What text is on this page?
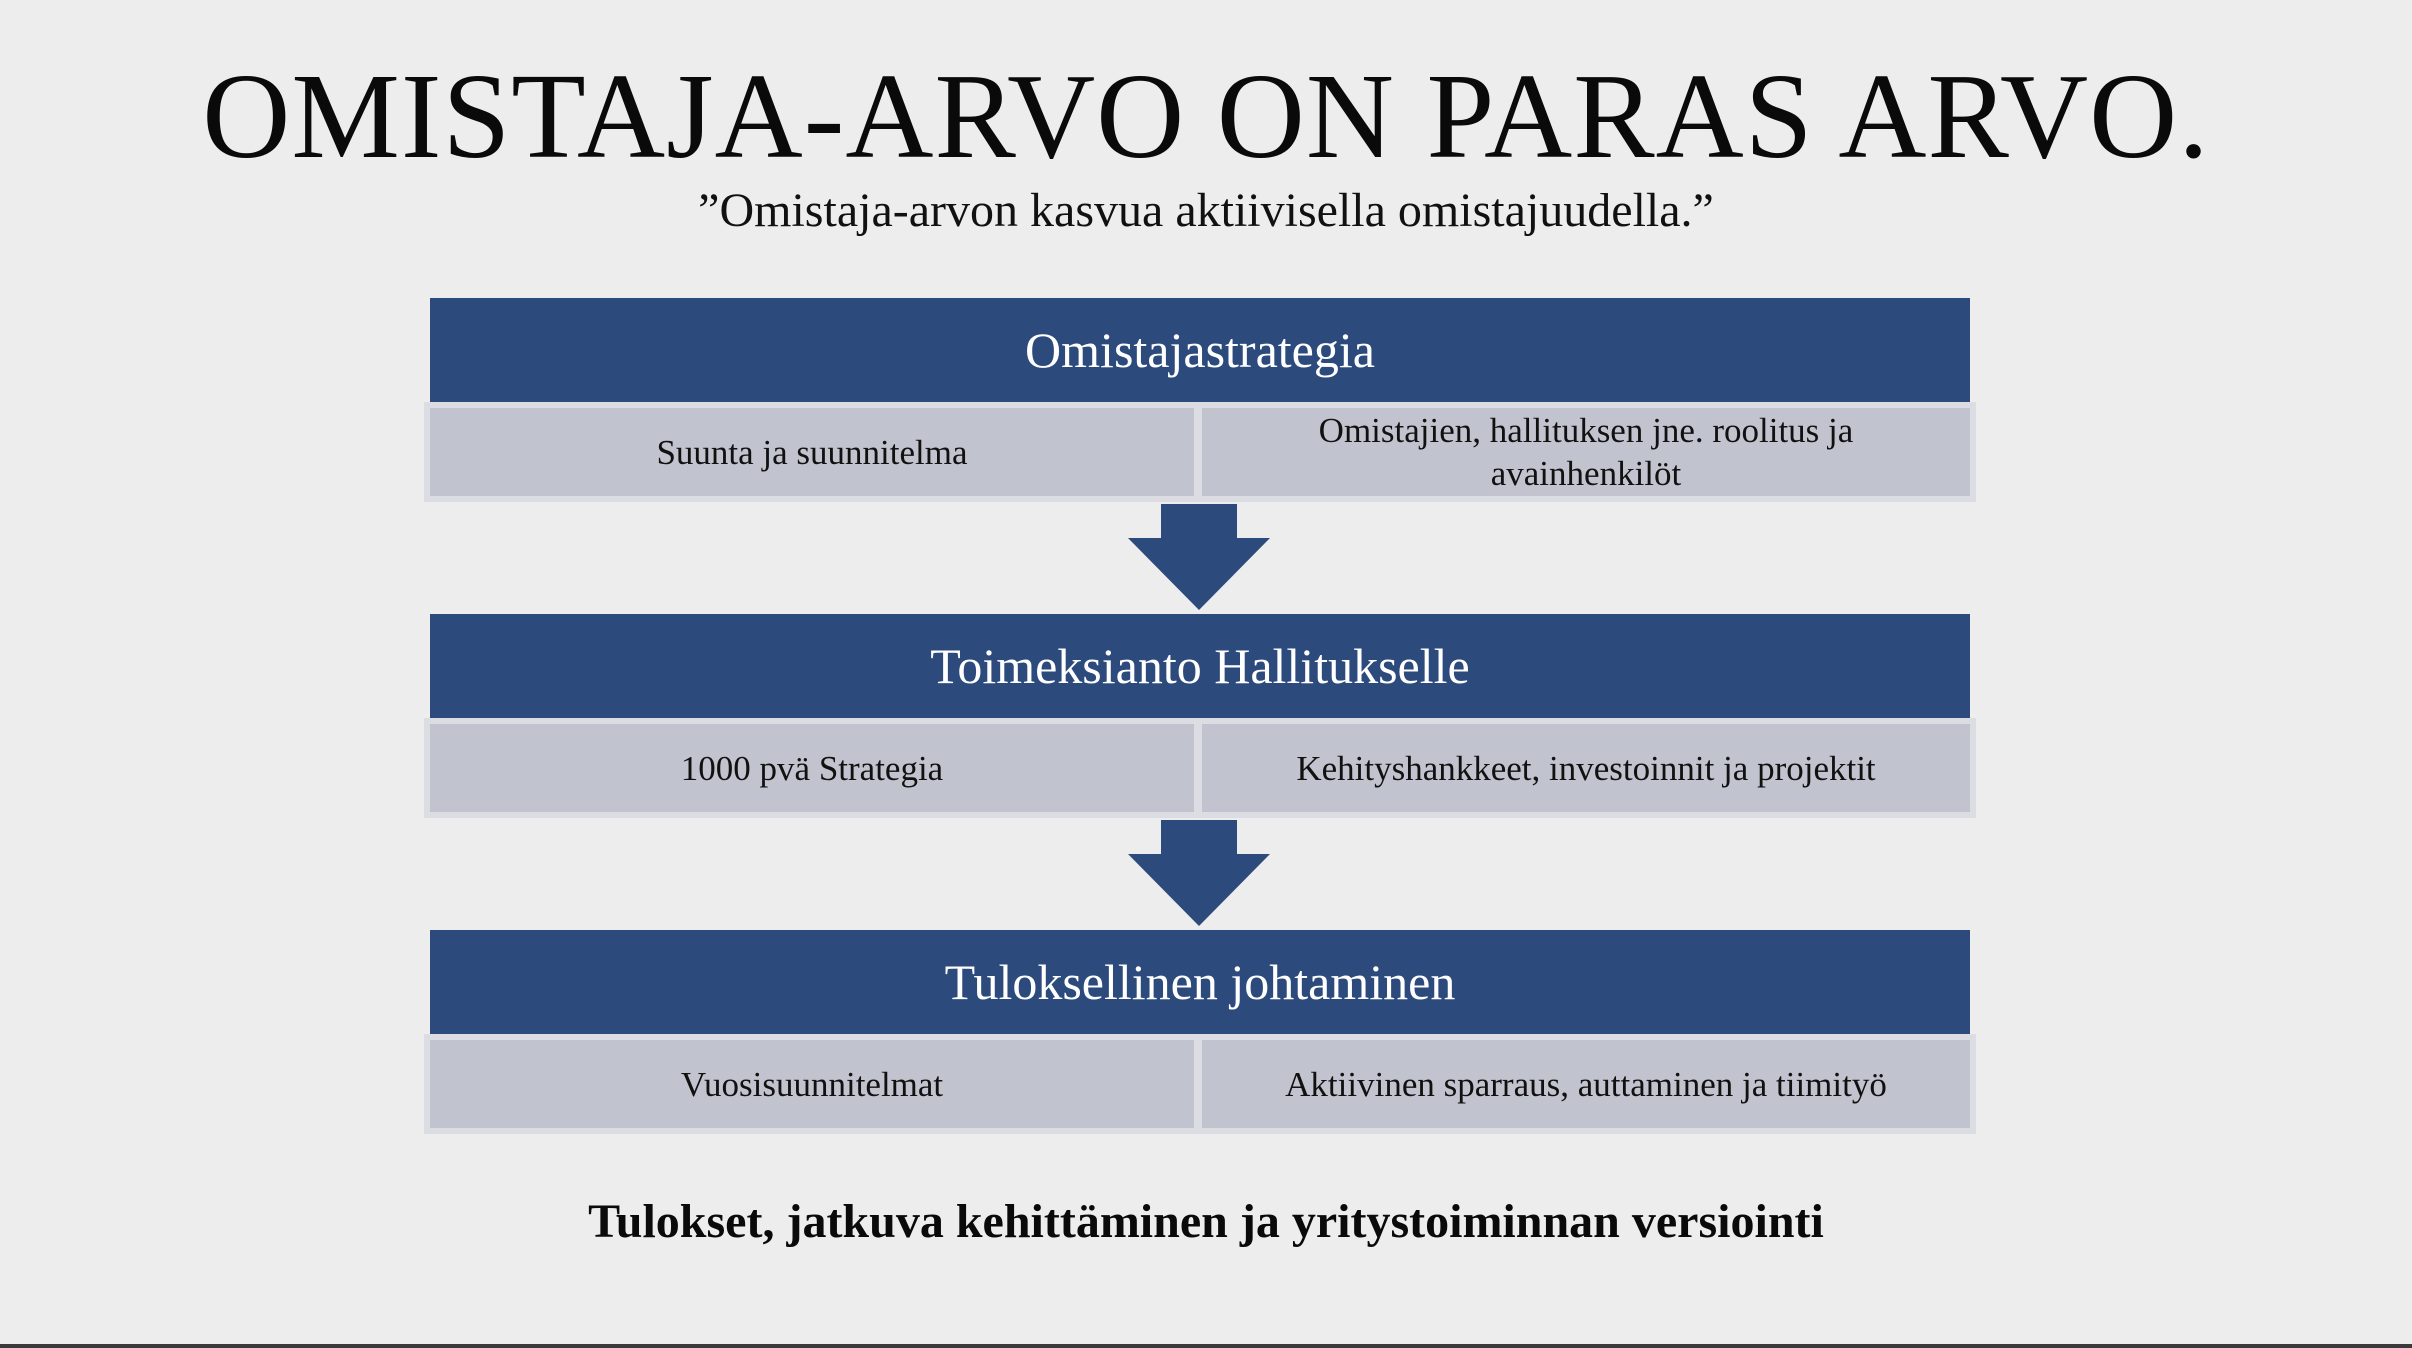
OMISTAJA-ARVO ON PARAS ARVO.
”Omistaja-arvon kasvua aktiivisella omistajuudella.”
Omistajastrategia
Suunta ja suunnitelma
Omistajien, hallituksen jne. roolitus ja avainhenkilöt
Toimeksianto Hallitukselle
1000 pvä Strategia	Kehityshankkeet, investoinnit ja projektit
Tuloksellinen johtaminen
Vuosisuunnitelmat	Aktiivinen sparraus, auttaminen ja tiimityö
Tulokset, jatkuva kehittäminen ja yritystoiminnan versiointi
